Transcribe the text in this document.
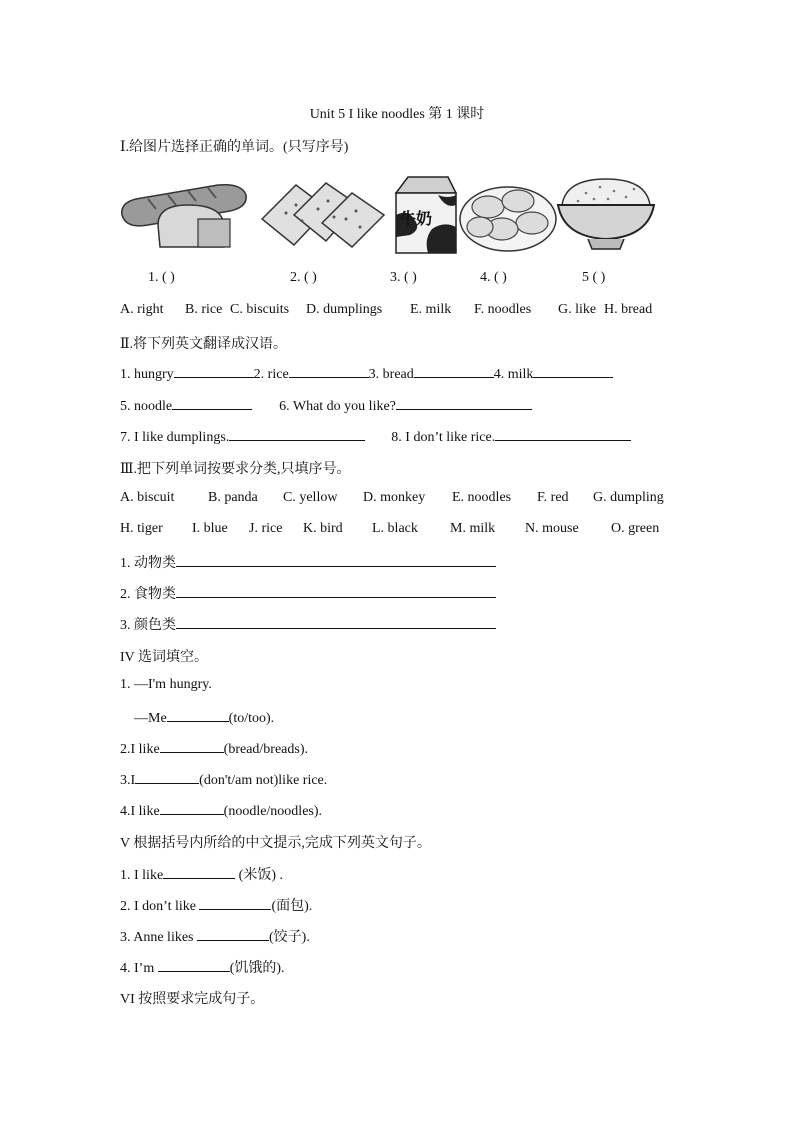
Unit 5 I like noodles 第 1 课时
Ⅰ.给图片选择正确的单词。(只写序号)
牛奶
1. ( )	2. ( )	3. ( )	4. ( )	5 ( )
A. right B. rice C. biscuits D. dumplings E. milk F. noodles G. like H. bread
Ⅱ.将下列英文翻译成汉语。
1. hungry	2. rice	3. bread	4. milk
5. noodle	6. What do you like?
7. I like dumplings.	8. I don’t like rice.
Ⅲ.把下列单词按要求分类,只填序号。
A. biscuit B. panda C. yellow D. monkey E. noodles F. red G. dumpling
H. tiger I. blue J. rice K. bird L. black M. milk N. mouse O. green
1. 动物类
2. 食物类
3. 颜色类
IV 选词填空。
1. —I'm hungry.
—Me	(to/too).
2.I like	(bread/breads).
3.I	(don't/am not)like rice.
4.I like	(noodle/noodles).
V 根据括号内所给的中文提示,完成下列英文句子。
1. I like	(米饭) .
2. I don’t like	(面包).
3. Anne likes	(饺子).
4. I’m	(饥饿的).
VI 按照要求完成句子。
